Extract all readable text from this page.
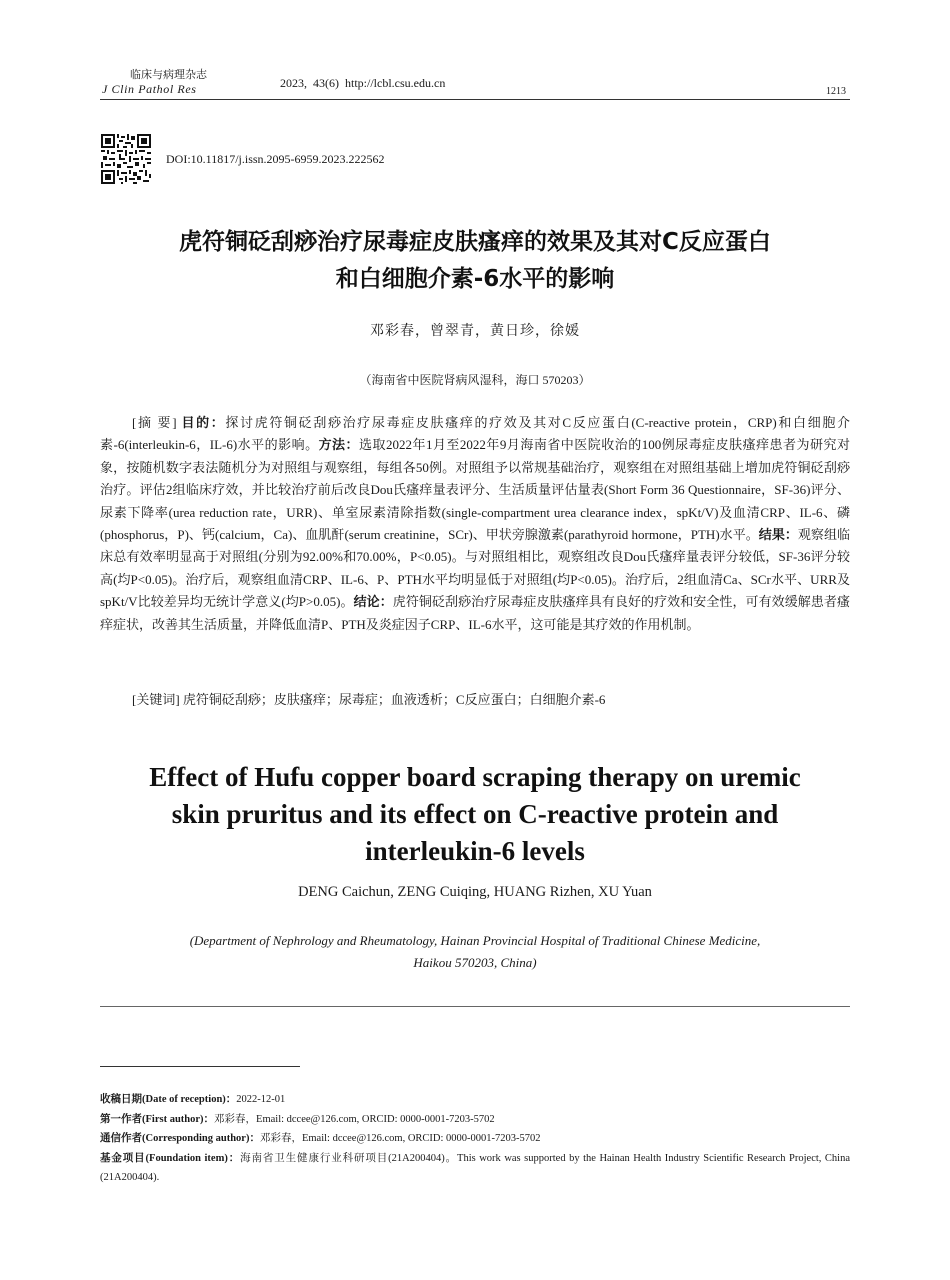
临床与病理杂志
J Clin Pathol Res	2023, 43(6) http://lcbl.csu.edu.cn
1213
DOI:10.11817/j.issn.2095-6959.2023.222562
虎符铜砭刮痧治疗尿毒症皮肤瘙痒的效果及其对C反应蛋白
和白细胞介素-6水平的影响
邓彩春，曾翠青，黄日珍，徐媛
（海南省中医院肾病风湿科，海口 570203）
[摘 要] 目的：探讨虎符铜砭刮痧治疗尿毒症皮肤瘙痒的疗效及其对C反应蛋白(C-reactive protein，CRP)和白细胞介素-6(interleukin-6，IL-6)水平的影响。方法：选取2022年1月至2022年9月海南省中医院收治的100例尿毒症皮肤瘙痒患者为研究对象，按随机数字表法随机分为对照组与观察组，每组各50例。对照组予以常规基础治疗，观察组在对照组基础上增加虎符铜砭刮痧治疗。评估2组临床疗效，并比较治疗前后改良Dou氏瘙痒量表评分、生活质量评估量表(Short Form 36 Questionnaire，SF-36)评分、尿素下降率(urea reduction rate，URR)、单室尿素清除指数(single-compartment urea clearance index，spKt/V)及血清CRP、IL-6、磷(phosphorus，P)、钙(calcium，Ca)、血肌酐(serum creatinine，SCr)、甲状旁腺激素(parathyroid hormone，PTH)水平。结果：观察组临床总有效率明显高于对照组(分别为92.00%和70.00%，P<0.05)。与对照组相比，观察组改良Dou氏瘙痒量表评分较低，SF-36评分较高(均P<0.05)。治疗后，观察组血清CRP、IL-6、P、PTH水平均明显低于对照组(均P<0.05)。治疗后，2组血清Ca、SCr水平、URR及spKt/V比较差异均无统计学意义(均P>0.05)。结论：虎符铜砭刮痧治疗尿毒症皮肤瘙痒具有良好的疗效和安全性，可有效缓解患者瘙痒症状，改善其生活质量，并降低血清P、PTH及炎症因子CRP、IL-6水平，这可能是其疗效的作用机制。
[关键词] 虎符铜砭刮痧；皮肤瘙痒；尿毒症；血液透析；C反应蛋白；白细胞介素-6
Effect of Hufu copper board scraping therapy on uremic
skin pruritus and its effect on C-reactive protein and
interleukin-6 levels
DENG Caichun, ZENG Cuiqing, HUANG Rizhen, XU Yuan
(Department of Nephrology and Rheumatology, Hainan Provincial Hospital of Traditional Chinese Medicine,
Haikou 570203, China)
收稿日期(Date of reception)：2022-12-01
第一作者(First author)：邓彩春，Email: dccee@126.com, ORCID: 0000-0001-7203-5702
通信作者(Corresponding author)：邓彩春，Email: dccee@126.com, ORCID: 0000-0001-7203-5702
基金项目(Foundation item)：海南省卫生健康行业科研项目(21A200404)。This work was supported by the Hainan Health Industry Scientific Research Project, China (21A200404).
